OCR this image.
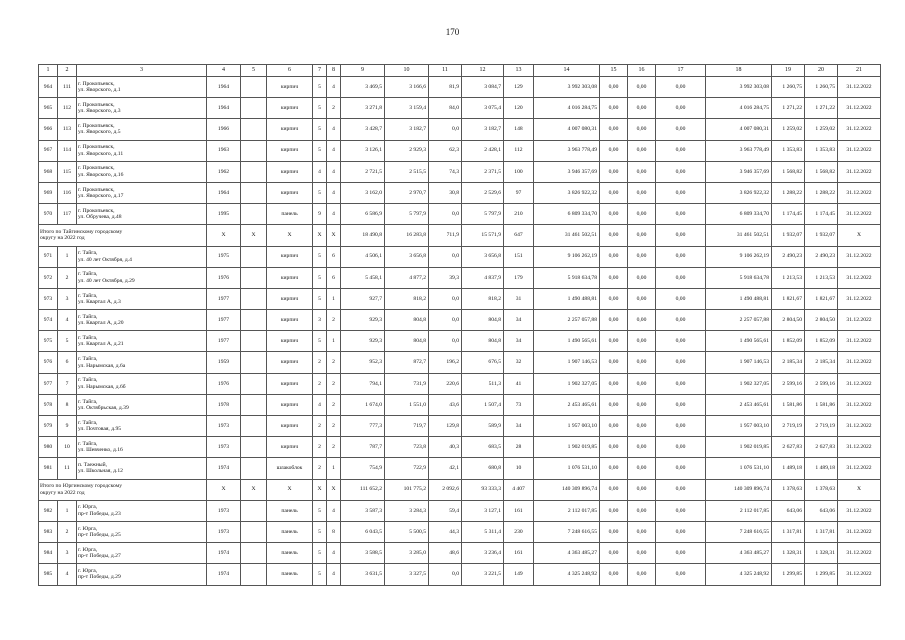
170
1	2	3	4	5	6	7	8	9	10	11	12	13	14	15	16	17	18	19	20	21
964	111	г. Прокопьевск,
ул. Яворского, д.1	1964		кирпич	5	4	3 469,5	3 166,6	81,9	3 084,7	129	3 992 303,08	0,00	0,00	0,00	3 992 303,08	1 260,75	1 260,75	31.12.2022
965	112	г. Прокопьевск,
ул. Яворского, д.3	1964		кирпич	5	2	3 271,8	3 159,4	84,0	3 075,4	120	4 016 284,75	0,00	0,00	0,00	4 016 284,75	1 271,22	1 271,22	31.12.2022
966	113	г. Прокопьевск,
ул. Яворского, д.5	1966		кирпич	5	4	3 428,7	3 182,7	0,0	3 182,7	148	4 007 080,31	0,00	0,00	0,00	4 007 080,31	1 259,02	1 259,02	31.12.2022
967	114	г. Прокопьевск,
ул. Яворского, д.11	1963		кирпич	5	4	3 126,1	2 929,3	62,3	2 428,1	112	3 963 778,49	0,00	0,00	0,00	3 963 778,49	1 353,83	1 353,83	31.12.2022
968	115	г. Прокопьевск,
ул. Яворского, д.16	1962		кирпич	4	4	2 721,5	2 515,5	74,3	2 371,5	100	3 946 357,69	0,00	0,00	0,00	3 946 357,69	1 568,82	1 568,82	31.12.2022
969	116	г. Прокопьевск,
ул. Яворского, д.17	1964		кирпич	5	4	3 162,0	2 970,7	30,8	2 529,6	97	3 826 922,32	0,00	0,00	0,00	3 826 922,32	1 288,22	1 288,22	31.12.2022
970	117	г. Прокопьевск,
ул. Обручева, д.48	1995		панель	9	4	6 586,9	5 797,9	0,0	5 797,9	210	6 809 334,70	0,00	0,00	0,00	6 809 334,70	1 174,45	1 174,45	31.12.2022

Итого по Тайгинскому городскому
округу на 2022 год			X	X	X	X	X	18 490,8	16 283,8	711,9	15 571,9	647	31 461 502,51	0,00	0,00	0,00	31 461 502,51	1 932,07	1 932,07	X
971	1	г. Тайга,
ул. 40 лет Октября, д.4	1975		кирпич	5	6	4 506,1	3 656,8	0,0	3 656,8	151	9 106 262,19	0,00	0,00	0,00	9 106 262,19	2 490,23	2 490,23	31.12.2022
972	2	г. Тайга,
ул. 40 лет Октября, д.29	1976		кирпич	5	6	5 458,1	4 877,2	39,3	4 837,9	179	5 918 634,78	0,00	0,00	0,00	5 918 634,78	1 213,53	1 213,53	31.12.2022
973	3	г. Тайга,
ул. Квартал А, д.3	1977		кирпич	5	1	927,7	818,2	0,0	818,2	31	1 490 488,81	0,00	0,00	0,00	1 490 488,81	1 821,67	1 821,67	31.12.2022
974	4	г. Тайга,
ул. Квартал А, д.20	1977		кирпич	3	2	929,3	804,8	0,0	804,8	34	2 257 057,88	0,00	0,00	0,00	2 257 057,88	2 804,50	2 804,50	31.12.2022
975	5	г. Тайга,
ул. Квартал А, д.21	1977		кирпич	5	1	929,3	804,8	0,0	804,8	34	1 490 565,61	0,00	0,00	0,00	1 490 565,61	1 852,09	1 852,09	31.12.2022
976	6	г. Тайга,
ул. Нарымская, д.6а	1959		кирпич	2	2	952,3	872,7	196,2	676,5	32	1 907 146,53	0,00	0,00	0,00	1 907 146,53	2 185,34	2 185,34	31.12.2022
977	7	г. Тайга,
ул. Нарымская, д.6б	1976		кирпич	2	2	794,1	731,9	220,6	511,3	41	1 902 327,05	0,00	0,00	0,00	1 902 327,05	2 599,16	2 599,16	31.12.2022
978	8	г. Тайга,
ул. Октябрьская, д.39	1978		кирпич	4	2	1 674,0	1 551,0	43,6	1 507,4	73	2 453 465,61	0,00	0,00	0,00	2 453 465,61	1 581,86	1 581,86	31.12.2022
979	9	г. Тайга,
ул. Почтовая, д.95	1973		кирпич	2	2	777,3	719,7	129,8	589,9	34	1 957 003,10	0,00	0,00	0,00	1 957 003,10	2 719,19	2 719,19	31.12.2022
980	10	г. Тайга,
ул. Шевченко, д.16	1973		кирпич	2	2	787,7	723,8	40,3	683,5	28	1 902 019,85	0,00	0,00	0,00	1 902 019,85	2 627,83	2 627,83	31.12.2022
981	11	п. Таежный,
ул. Школьная, д.12	1974		шлакоблок	2	1	754,9	722,9	42,1	680,8	10	1 076 531,10	0,00	0,00	0,00	1 076 531,10	1 489,18	1 489,18	31.12.2022

Итого по Юргинскому городскому
округу на 2022 год			X	X	X	X	X	111 652,2	101 775,2	2 092,6	93 333,3	4 407	140 309 896,74	0,00	0,00	0,00	140 309 896,74	1 378,63	1 378,63	X
982	1	г. Юрга,
пр-т Победы, д.23	1973		панель	5	4	3 587,3	3 284,3	59,4	3 127,1	161	2 112 017,85	0,00	0,00	0,00	2 112 017,85	643,06	643,06	31.12.2022
983	2	г. Юрга,
пр-т Победы, д.25	1973		панель	5	8	6 043,5	5 500,5	44,3	5 311,4	230	7 248 616,55	0,00	0,00	0,00	7 248 616,55	1 317,81	1 317,81	31.12.2022
984	3	г. Юрга,
пр-т Победы, д.27	1974		панель	5	4	3 588,5	3 285,0	48,6	3 236,4	161	4 363 485,27	0,00	0,00	0,00	4 363 485,27	1 328,31	1 328,31	31.12.2022
985	4	г. Юрга,
пр-т Победы, д.29	1974		панель	5	4	3 631,5	3 327,5	0,0	3 221,5	149	4 325 248,92	0,00	0,00	0,00	4 325 248,92	1 299,85	1 299,85	31.12.2022
